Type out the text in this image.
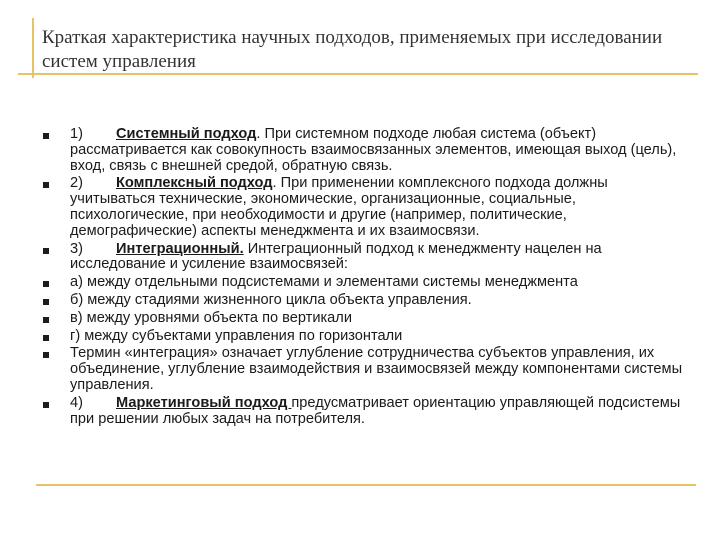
Краткая характеристика научных подходов, применяемых при исследовании систем управления
1) Системный подход. При системном подходе любая система (объект) рассматривается как совокупность взаимосвязанных элементов, имеющая выход (цель), вход, связь с внешней средой, обратную связь.
2) Комплексный подход. При применении комплексного подхода должны учитываться технические, экономические, организационные, социальные, психологические, при необходимости и другие (например, политические, демографические) аспекты менеджмента и их взаимосвязи.
3) Интеграционный. Интеграционный подход к менеджменту нацелен на исследование и усиление взаимосвязей:
а) между отдельными подсистемами и элементами системы менеджмента
б) между стадиями жизненного цикла объекта управления.
в) между уровнями объекта по вертикали
г) между субъектами управления по горизонтали
Термин «интеграция» означает углубление сотрудничества субъектов управления, их объединение, углубление взаимодействия и взаимосвязей между компонентами системы управления.
4) Маркетинговый подход предусматривает ориентацию управляющей подсистемы при решении любых задач на потребителя.
